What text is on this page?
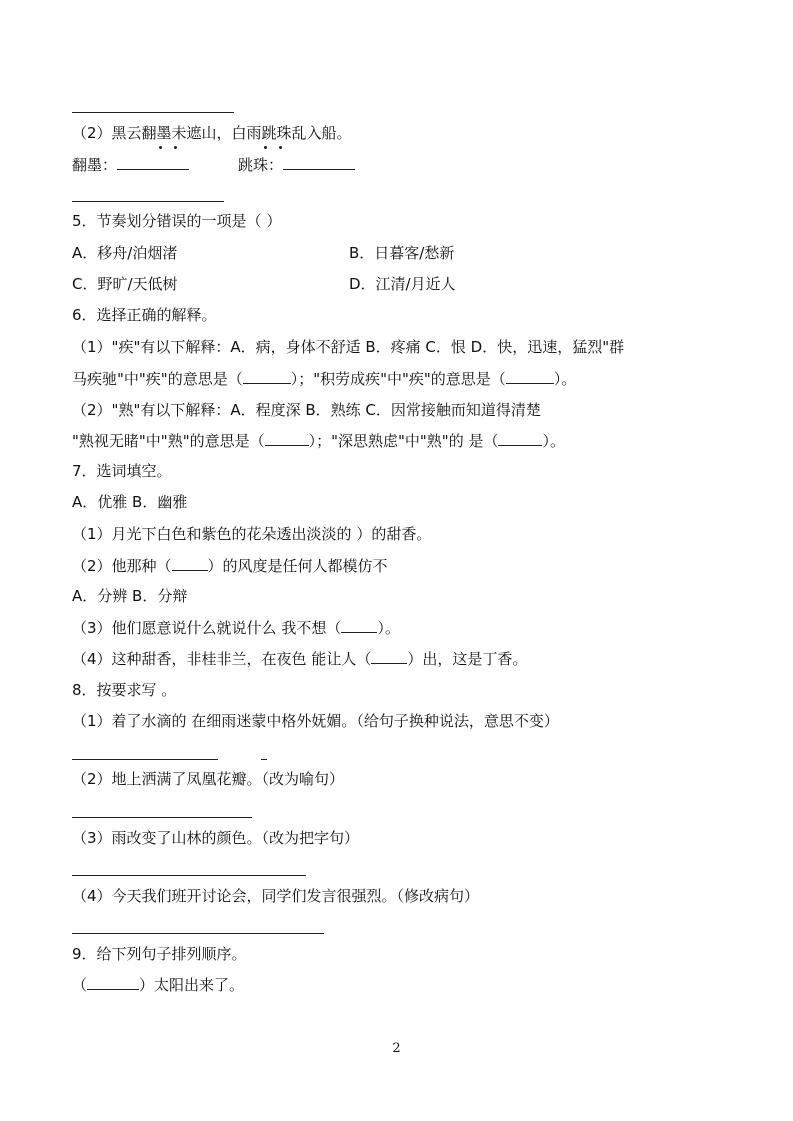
（2）黑云翻墨未遮山，白雨跳珠乱入船。
翻墨：	跳珠：
5．节奏划分错误的一项是（ ）
A．移舟/泊烟渚	B．日暮客/愁新
C．野旷/天低树	D．江清/月近人
6．选择正确的解释。
（1）"疾"有以下解释：A．病，身体不舒适 B．疼痛 C．恨 D．快，迅速，猛烈"群
马疾驰"中"疾"的意思是（	）；"积劳成疾"中"疾"的意思是（	）。
（2）"熟"有以下解释：A．程度深 B．熟练 C．因常接触而知道得清楚
"熟视无睹"中"熟"的意思是（	）；"深思熟虑"中"熟"的 是（	）。
7．选词填空。
A．优雅 B．幽雅
（1）月光下白色和紫色的花朵透出淡淡的 ）的甜香。
（2）他那种（ ）的风度是任何人都模仿不
A．分辨 B．分辩
（3）他们愿意说什么就说什么 我不想（ ）。
（4）这种甜香，非桂非兰，在夜色 能让人（ ）出，这是丁香。
8．按要求写 。
（1）着了水滴的 在细雨迷蒙中格外妩媚。（给句子换种说法，意思不变）
（2）地上洒满了凤凰花瓣。（改为喻句）
（3）雨改变了山林的颜色。（改为把字句）
（4）今天我们班开讨论会，同学们发言很强烈。（修改病句）
9．给下列句子排列顺序。
（	）太阳出来了。
2
